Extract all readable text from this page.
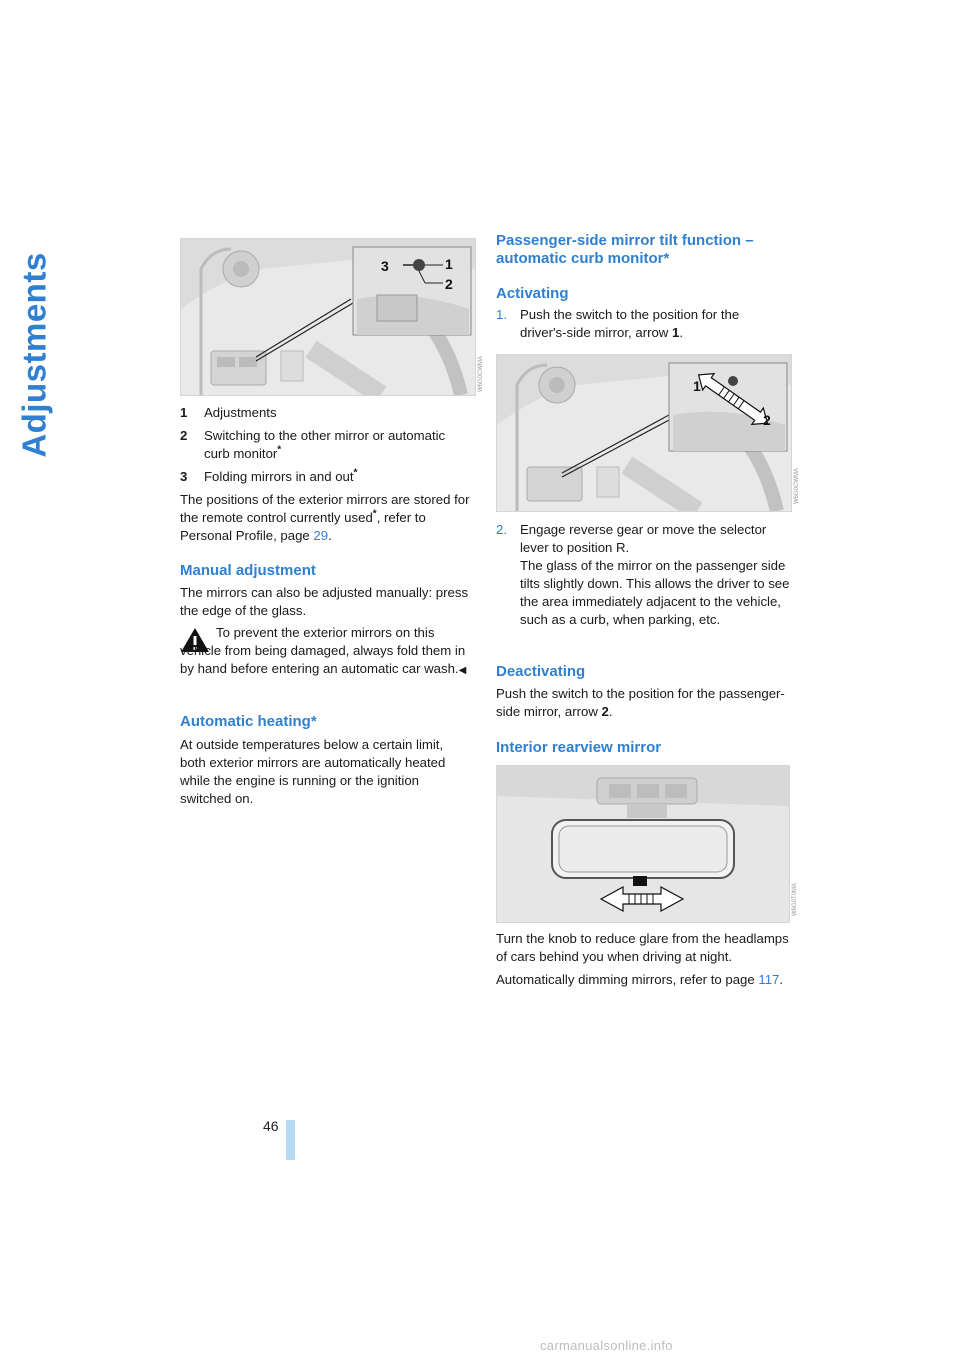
Adjustments	3	1
2
W6G0CWMA
1	Adjustments
2	Switching to the other mirror or automatic curb monitor*
3	Folding mirrors in and out*

The positions of the exterior mirrors are stored for the remote control currently used*, refer to Personal Profile, page 29.

Manual adjustment

The mirrors can also be adjusted manually: press the edge of the glass.

To prevent the exterior mirrors on this vehicle from being damaged, always fold them in by hand before entering an automatic car wash.◀
Automatic heating*

At outside temperatures below a certain limit, both exterior mirrors are automatically heated while the engine is running or the ignition switched on.

Passenger-side mirror tilt function – automatic curb monitor*
Activating
1. Push the switch to the position for the driver's-side mirror, arrow 1.
1
2
W6G0CWMA
2. Engage reverse gear or move the selector lever to position R.
The glass of the mirror on the passenger side tilts slightly down. This allows the driver to see the area immediately adjacent to the vehicle, such as a curb, when parking, etc.
Deactivating

Push the switch to the position for the passenger-side mirror, arrow 2.

Interior rearview mirror
W6G0T0MA

Turn the knob to reduce glare from the headlamps of cars behind you when driving at night.

Automatically dimming mirrors, refer to page 117.

46
carmanualsonline.info
